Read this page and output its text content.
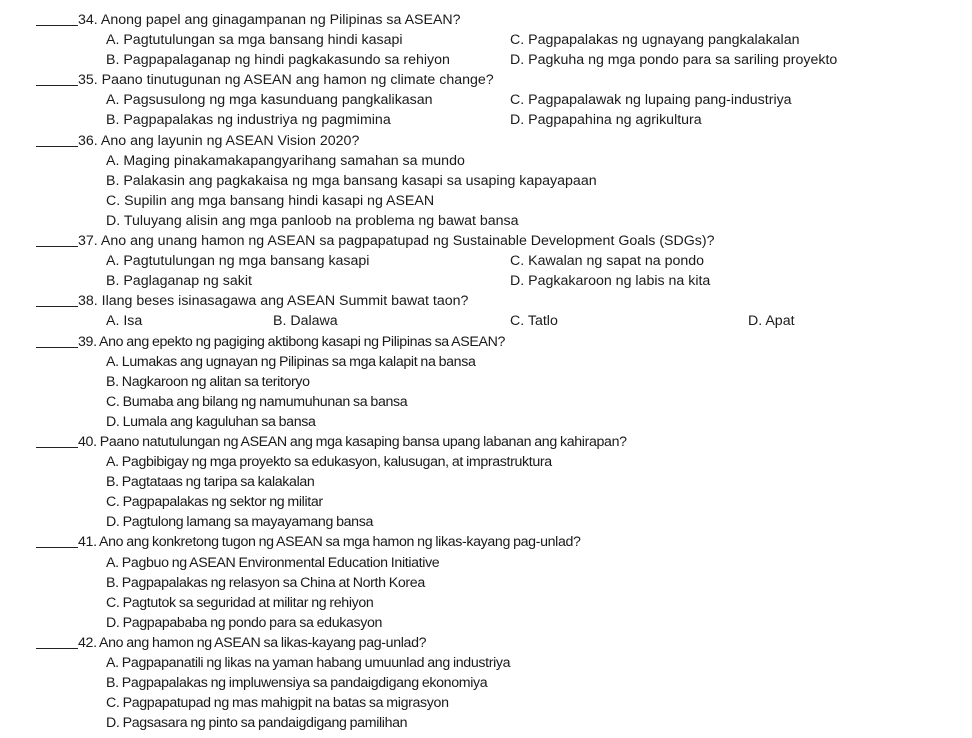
34. Anong papel ang ginagampanan ng Pilipinas sa ASEAN?
A. Pagtutulungan sa mga bansang hindi kasapi	C. Pagpapalakas ng ugnayang pangkalakalan
B. Pagpapalaganap ng hindi pagkakasundo sa rehiyon	D. Pagkuha ng mga pondo para sa sariling proyekto
35. Paano tinutugunan ng ASEAN ang hamon ng climate change?
A. Pagsusulong ng mga kasunduang pangkalikasan	C. Pagpapalawak ng lupaing pang-industriya
B. Pagpapalakas ng industriya ng pagmimina	D. Pagpapahina ng agrikultura
36. Ano ang layunin ng ASEAN Vision 2020?
A. Maging pinakamakapangyarihang samahan sa mundo
B. Palakasin ang pagkakaisa ng mga bansang kasapi sa usaping kapayapaan
C. Supilin ang mga bansang hindi kasapi ng ASEAN
D. Tuluyang alisin ang mga panloob na problema ng bawat bansa
37. Ano ang unang hamon ng ASEAN sa pagpapatupad ng Sustainable Development Goals (SDGs)?
A. Pagtutulungan ng mga bansang kasapi	C. Kawalan ng sapat na pondo
B. Paglaganap ng sakit	D. Pagkakaroon ng labis na kita
38. Ilang beses isinasagawa ang ASEAN Summit bawat taon?
A. Isa	B. Dalawa	C. Tatlo	D. Apat
39. Ano ang epekto ng pagiging aktibong kasapi ng Pilipinas sa ASEAN?
A. Lumakas ang ugnayan ng Pilipinas sa mga kalapit na bansa
B. Nagkaroon ng alitan sa teritoryo
C. Bumaba ang bilang ng namumuhunan sa bansa
D. Lumala ang kaguluhan sa bansa
40. Paano natutulungan ng ASEAN ang mga kasaping bansa upang labanan ang kahirapan?
A. Pagbibigay ng mga proyekto sa edukasyon, kalusugan, at imprastruktura
B. Pagtataas ng taripa sa kalakalan
C. Pagpapalakas ng sektor ng militar
D. Pagtulong lamang sa mayayamang bansa
41. Ano ang konkretong tugon ng ASEAN sa mga hamon ng likas-kayang pag-unlad?
A. Pagbuo ng ASEAN Environmental Education Initiative
B. Pagpapalakas ng relasyon sa China at North Korea
C. Pagtutok sa seguridad at militar ng rehiyon
D. Pagpapababa ng pondo para sa edukasyon
42. Ano ang hamon ng ASEAN sa likas-kayang pag-unlad?
A. Pagpapanatili ng likas na yaman habang umuunlad ang industriya
B. Pagpapalakas ng impluwensiya sa pandaigdigang ekonomiya
C. Pagpapatupad ng mas mahigpit na batas sa migrasyon
D. Pagsasara ng pinto sa pandaigdigang pamilihan
